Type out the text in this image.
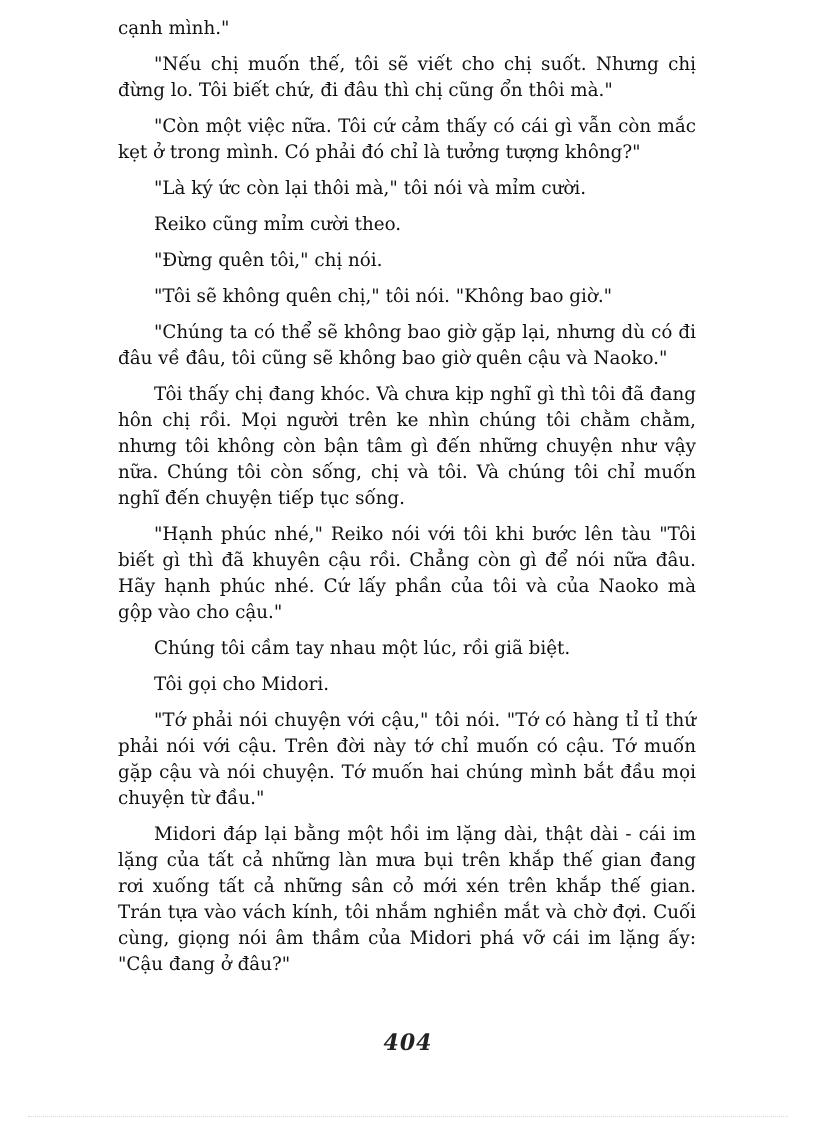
cạnh mình."

"Nếu chị muốn thế, tôi sẽ viết cho chị suốt. Nhưng chị đừng lo. Tôi biết chứ, đi đâu thì chị cũng ổn thôi mà."

"Còn một việc nữa. Tôi cứ cảm thấy có cái gì vẫn còn mắc kẹt ở trong mình. Có phải đó chỉ là tưởng tượng không?"

"Là ký ức còn lại thôi mà," tôi nói và mỉm cười.

Reiko cũng mỉm cười theo.

"Đừng quên tôi," chị nói.

"Tôi sẽ không quên chị," tôi nói. "Không bao giờ."

"Chúng ta có thể sẽ không bao giờ gặp lại, nhưng dù có đi đâu về đâu, tôi cũng sẽ không bao giờ quên cậu và Naoko."

Tôi thấy chị đang khóc. Và chưa kịp nghĩ gì thì tôi đã đang hôn chị rồi. Mọi người trên ke nhìn chúng tôi chằm chằm, nhưng tôi không còn bận tâm gì đến những chuyện như vậy nữa. Chúng tôi còn sống, chị và tôi. Và chúng tôi chỉ muốn nghĩ đến chuyện tiếp tục sống.

"Hạnh phúc nhé," Reiko nói với tôi khi bước lên tàu "Tôi biết gì thì đã khuyên cậu rồi. Chẳng còn gì để nói nữa đâu. Hãy hạnh phúc nhé. Cứ lấy phần của tôi và của Naoko mà gộp vào cho cậu."

Chúng tôi cầm tay nhau một lúc, rồi giã biệt.

Tôi gọi cho Midori.

"Tớ phải nói chuyện với cậu," tôi nói. "Tớ có hàng tỉ tỉ thứ phải nói với cậu. Trên đời này tớ chỉ muốn có cậu. Tớ muốn gặp cậu và nói chuyện. Tớ muốn hai chúng mình bắt đầu mọi chuyện từ đầu."

Midori đáp lại bằng một hồi im lặng dài, thật dài - cái im lặng của tất cả những làn mưa bụi trên khắp thế gian đang rơi xuống tất cả những sân cỏ mới xén trên khắp thế gian. Trán tựa vào vách kính, tôi nhắm nghiền mắt và chờ đợi. Cuối cùng, giọng nói âm thầm của Midori phá vỡ cái im lặng ấy: "Cậu đang ở đâu?"

404
